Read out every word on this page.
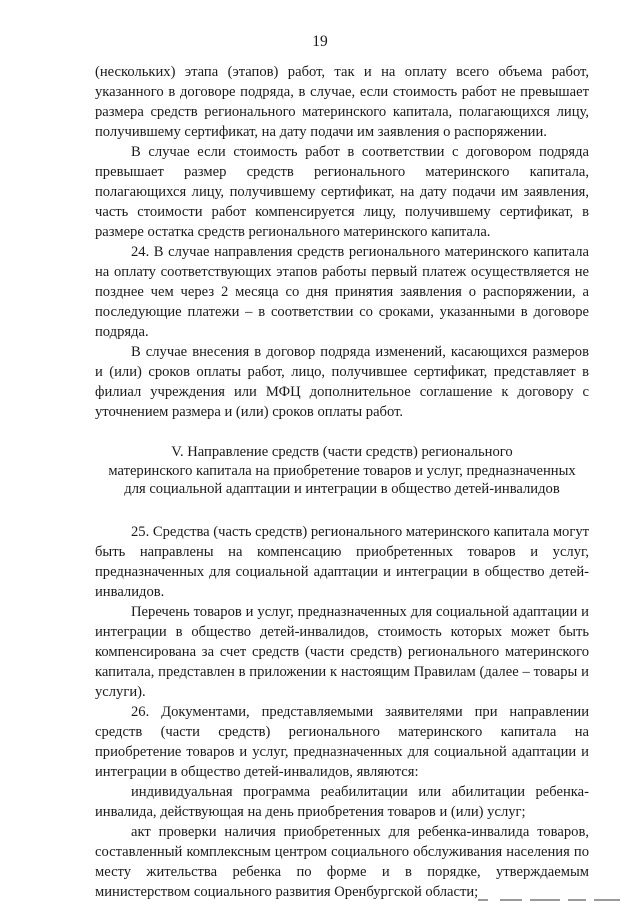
19

(нескольких) этапа (этапов) работ, так и на оплату всего объема работ, указанного в договоре подряда, в случае, если стоимость работ не превышает размера средств регионального материнского капитала, полагающихся лицу, получившему сертификат, на дату подачи им заявления о распоряжении.

В случае если стоимость работ в соответствии с договором подряда превышает размер средств регионального материнского капитала, полагающихся лицу, получившему сертификат, на дату подачи им заявления, часть стоимости работ компенсируется лицу, получившему сертификат, в размере остатка средств регионального материнского капитала.

24. В случае направления средств регионального материнского капитала на оплату соответствующих этапов работы первый платеж осуществляется не позднее чем через 2 месяца со дня принятия заявления о распоряжении, а последующие платежи – в соответствии со сроками, указанными в договоре подряда.

В случае внесения в договор подряда изменений, касающихся размеров и (или) сроков оплаты работ, лицо, получившее сертификат, представляет в филиал учреждения или МФЦ дополнительное соглашение к договору с уточнением размера и (или) сроков оплаты работ.

V. Направление средств (части средств) регионального
материнского капитала на приобретение товаров и услуг, предназначенных
для социальной адаптации и интеграции в общество детей-инвалидов

25. Средства (часть средств) регионального материнского капитала могут быть направлены на компенсацию приобретенных товаров и услуг, предназначенных для социальной адаптации и интеграции в общество детей-инвалидов.

Перечень товаров и услуг, предназначенных для социальной адаптации и интеграции в общество детей-инвалидов, стоимость которых может быть компенсирована за счет средств (части средств) регионального материнского капитала, представлен в приложении к настоящим Правилам (далее – товары и услуги).

26. Документами, представляемыми заявителями при направлении средств (части средств) регионального материнского капитала на приобретение товаров и услуг, предназначенных для социальной адаптации и интеграции в общество детей-инвалидов, являются:

индивидуальная программа реабилитации или абилитации ребенка-инвалида, действующая на день приобретения товаров и (или) услуг;

акт проверки наличия приобретенных для ребенка-инвалида товаров, составленный комплексным центром социального обслуживания населения по месту жительства ребенка по форме и в порядке, утверждаемым министерством социального развития Оренбургской области;
